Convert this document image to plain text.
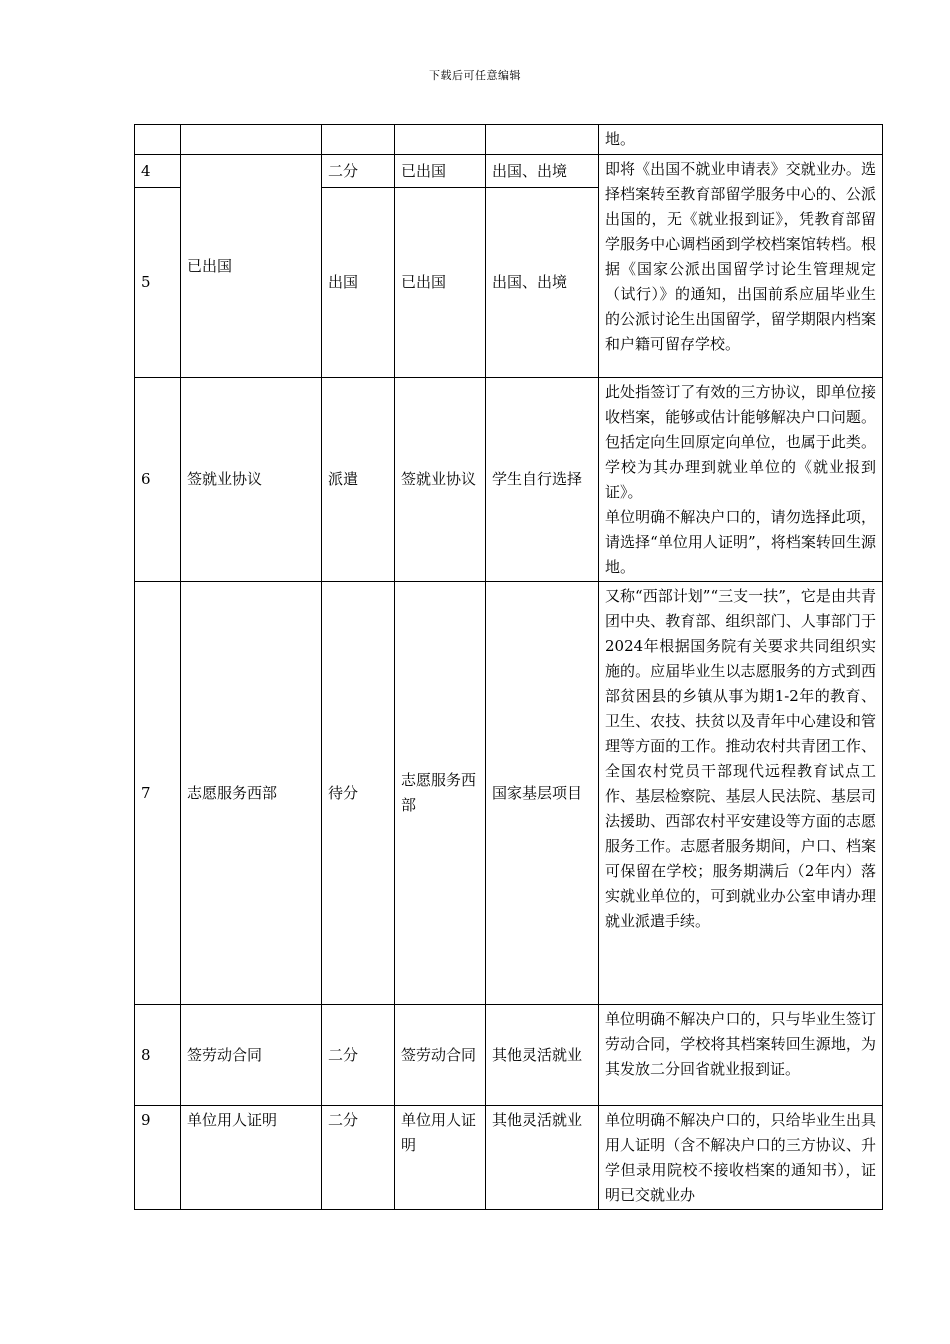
下载后可任意编辑
					地。
4	已出国	二分	已出国	出国、出境	即将《出国不就业申请表》交就业办。选择档案转至教育部留学服务中心的、公派出国的，无《就业报到证》，凭教育部留学服务中心调档函到学校档案馆转档。根据《国家公派出国留学讨论生管理规定（试行）》的通知，出国前系应届毕业生的公派讨论生出国留学，留学期限内档案和户籍可留存学校。
5		出国	已出国	出国、出境	
6	签就业协议	派遣	签就业协议	学生自行选择	此处指签订了有效的三方协议，即单位接收档案，能够或估计能够解决户口问题。包括定向生回原定向单位，也属于此类。学校为其办理到就业单位的《就业报到证》。
单位明确不解决户口的，请勿选择此项，请选择“单位用人证明”，将档案转回生源地。

7	志愿服务西部	待分	志愿服务西部	国家基层项目	又称“西部计划”“三支一扶”，它是由共青团中央、教育部、组织部门、人事部门于2024年根据国务院有关要求共同组织实施的。应届毕业生以志愿服务的方式到西部贫困县的乡镇从事为期1-2年的教育、卫生、农技、扶贫以及青年中心建设和管理等方面的工作。推动农村共青团工作、全国农村党员干部现代远程教育试点工作、基层检察院、基层人民法院、基层司法援助、西部农村平安建设等方面的志愿服务工作。志愿者服务期间，户口、档案可保留在学校；服务期满后（2年内）落实就业单位的，可到就业办公室申请办理就业派遣手续。
8	签劳动合同	二分	签劳动合同	其他灵活就业	单位明确不解决户口的，只与毕业生签订劳动合同，学校将其档案转回生源地，为其发放二分回省就业报到证。
9	单位用人证明	二分	单位用人证明	其他灵活就业	单位明确不解决户口的，只给毕业生出具用人证明（含不解决户口的三方协议、升学但录用院校不接收档案的通知书），证明已交就业办
